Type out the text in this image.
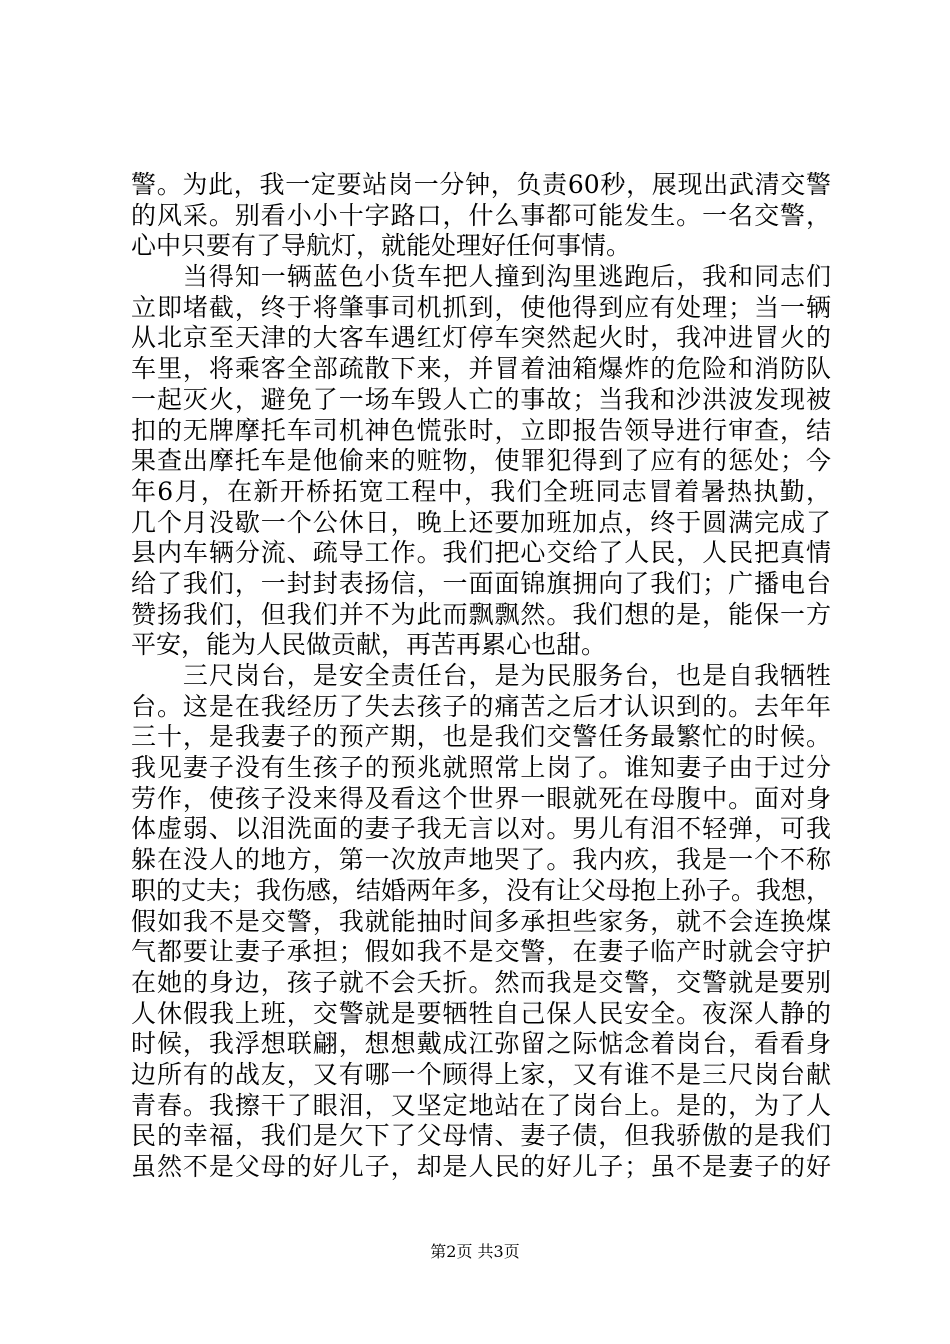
警。为此，我一定要站岗一分钟，负责60秒，展现出武清交警
的风采。别看小小十字路口，什么事都可能发生。一名交警，
心中只要有了导航灯，就能处理好任何事情。
　　当得知一辆蓝色小货车把人撞到沟里逃跑后，我和同志们
立即堵截，终于将肇事司机抓到，使他得到应有处理；当一辆
从北京至天津的大客车遇红灯停车突然起火时，我冲进冒火的
车里，将乘客全部疏散下来，并冒着油箱爆炸的危险和消防队
一起灭火，避免了一场车毁人亡的事故；当我和沙洪波发现被
扣的无牌摩托车司机神色慌张时，立即报告领导进行审查，结
果查出摩托车是他偷来的赃物，使罪犯得到了应有的惩处；今
年6月，在新开桥拓宽工程中，我们全班同志冒着暑热执勤，
几个月没歇一个公休日，晚上还要加班加点，终于圆满完成了
县内车辆分流、疏导工作。我们把心交给了人民，人民把真情
给了我们，一封封表扬信，一面面锦旗拥向了我们；广播电台
赞扬我们，但我们并不为此而飘飘然。我们想的是，能保一方
平安，能为人民做贡献，再苦再累心也甜。
　　三尺岗台，是安全责任台，是为民服务台，也是自我牺牲
台。这是在我经历了失去孩子的痛苦之后才认识到的。去年年
三十，是我妻子的预产期，也是我们交警任务最繁忙的时候。
我见妻子没有生孩子的预兆就照常上岗了。谁知妻子由于过分
劳作，使孩子没来得及看这个世界一眼就死在母腹中。面对身
体虚弱、以泪洗面的妻子我无言以对。男儿有泪不轻弹，可我
躲在没人的地方，第一次放声地哭了。我内疚，我是一个不称
职的丈夫；我伤感，结婚两年多，没有让父母抱上孙子。我想，
假如我不是交警，我就能抽时间多承担些家务，就不会连换煤
气都要让妻子承担；假如我不是交警，在妻子临产时就会守护
在她的身边，孩子就不会夭折。然而我是交警，交警就是要别
人休假我上班，交警就是要牺牲自己保人民安全。夜深人静的
时候，我浮想联翩，想想戴成江弥留之际惦念着岗台，看看身
边所有的战友，又有哪一个顾得上家，又有谁不是三尺岗台献
青春。我擦干了眼泪，又坚定地站在了岗台上。是的，为了人
民的幸福，我们是欠下了父母情、妻子债，但我骄傲的是我们
虽然不是父母的好儿子，却是人民的好儿子；虽不是妻子的好
第2页 共3页
